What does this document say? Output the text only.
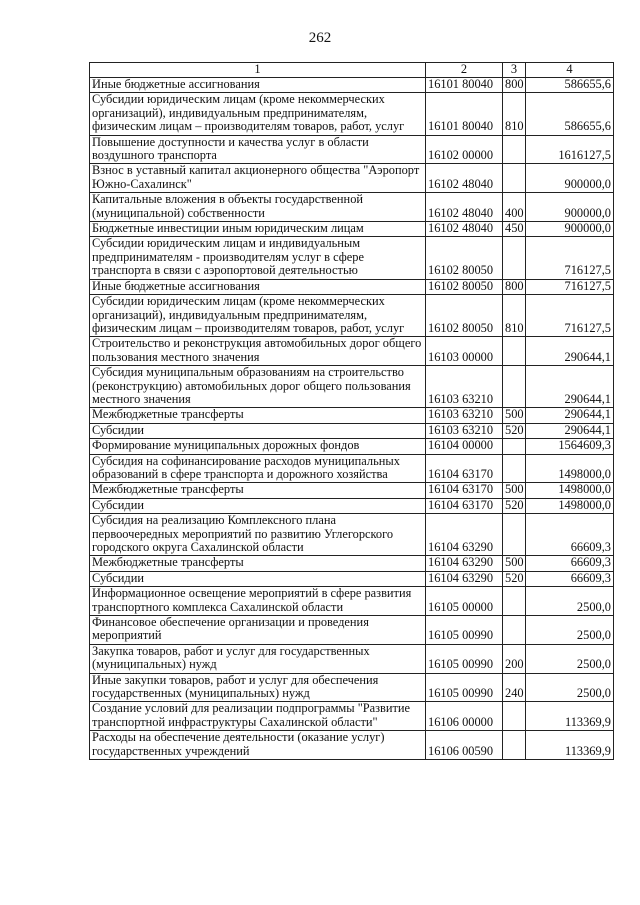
262
1	2	3	4
Иные бюджетные ассигнования	16101 80040	800	586655,6
Субсидии юридическим лицам (кроме некоммерческих организаций), индивидуальным предпринимателям, физическим лицам – производителям товаров, работ, услуг	16101 80040	810	586655,6
Повышение доступности и качества услуг в области воздушного транспорта	16102 00000		1616127,5
Взнос в уставный капитал акционерного общества "Аэропорт Южно-Сахалинск"	16102 48040		900000,0
Капитальные вложения в объекты государственной (муниципальной) собственности	16102 48040	400	900000,0
Бюджетные инвестиции иным юридическим лицам	16102 48040	450	900000,0
Субсидии юридическим лицам и индивидуальным предпринимателям - производителям услуг в сфере транспорта в связи с аэропортовой деятельностью	16102 80050		716127,5
Иные бюджетные ассигнования	16102 80050	800	716127,5
Субсидии юридическим лицам (кроме некоммерческих организаций), индивидуальным предпринимателям, физическим лицам – производителям товаров, работ, услуг	16102 80050	810	716127,5
Строительство и реконструкция автомобильных дорог общего пользования местного значения	16103 00000		290644,1
Субсидия муниципальным образованиям на строительство (реконструкцию) автомобильных дорог общего пользования местного значения	16103 63210		290644,1
Межбюджетные трансферты	16103 63210	500	290644,1
Субсидии	16103 63210	520	290644,1
Формирование муниципальных дорожных фондов	16104 00000		1564609,3
Субсидия на софинансирование расходов муниципальных образований в сфере транспорта и дорожного хозяйства	16104 63170		1498000,0
Межбюджетные трансферты	16104 63170	500	1498000,0
Субсидии	16104 63170	520	1498000,0
Субсидия на реализацию Комплексного плана первоочередных мероприятий по развитию Углегорского городского округа Сахалинской области	16104 63290		66609,3
Межбюджетные трансферты	16104 63290	500	66609,3
Субсидии	16104 63290	520	66609,3
Информационное освещение мероприятий в сфере развития транспортного комплекса Сахалинской области	16105 00000		2500,0
Финансовое обеспечение организации и проведения мероприятий	16105 00990		2500,0
Закупка товаров, работ и услуг для государственных (муниципальных) нужд	16105 00990	200	2500,0
Иные закупки товаров, работ и услуг для обеспечения государственных (муниципальных) нужд	16105 00990	240	2500,0
Создание условий для реализации подпрограммы "Развитие транспортной инфраструктуры Сахалинской области"	16106 00000		113369,9
Расходы на обеспечение деятельности (оказание услуг) государственных учреждений	16106 00590		113369,9
